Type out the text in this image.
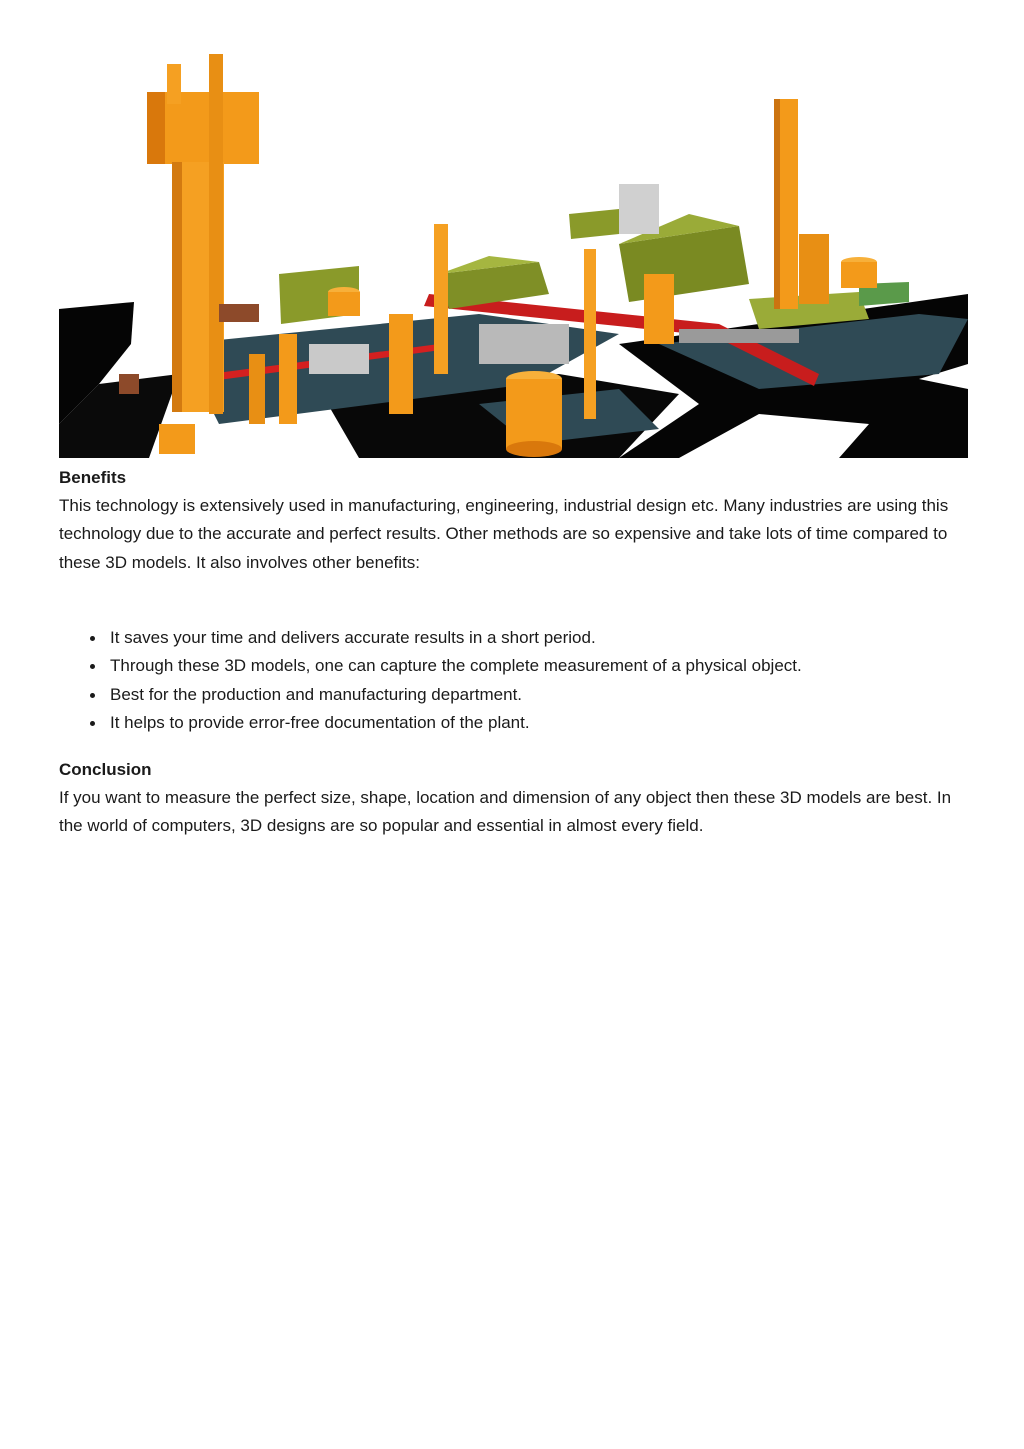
Benefits

This technology is extensively used in manufacturing, engineering, industrial design etc. Many industries are using this technology due to the accurate and perfect results. Other methods are so expensive and take lots of time compared to these 3D models. It also involves other benefits:

It saves your time and delivers accurate results in a short period.
Through these 3D models, one can capture the complete measurement of a physical object.
Best for the production and manufacturing department.
It helps to provide error-free documentation of the plant.
Conclusion

If you want to measure the perfect size, shape, location and dimension of any object then these 3D models are best. In the world of computers, 3D designs are so popular and essential in almost every field.
